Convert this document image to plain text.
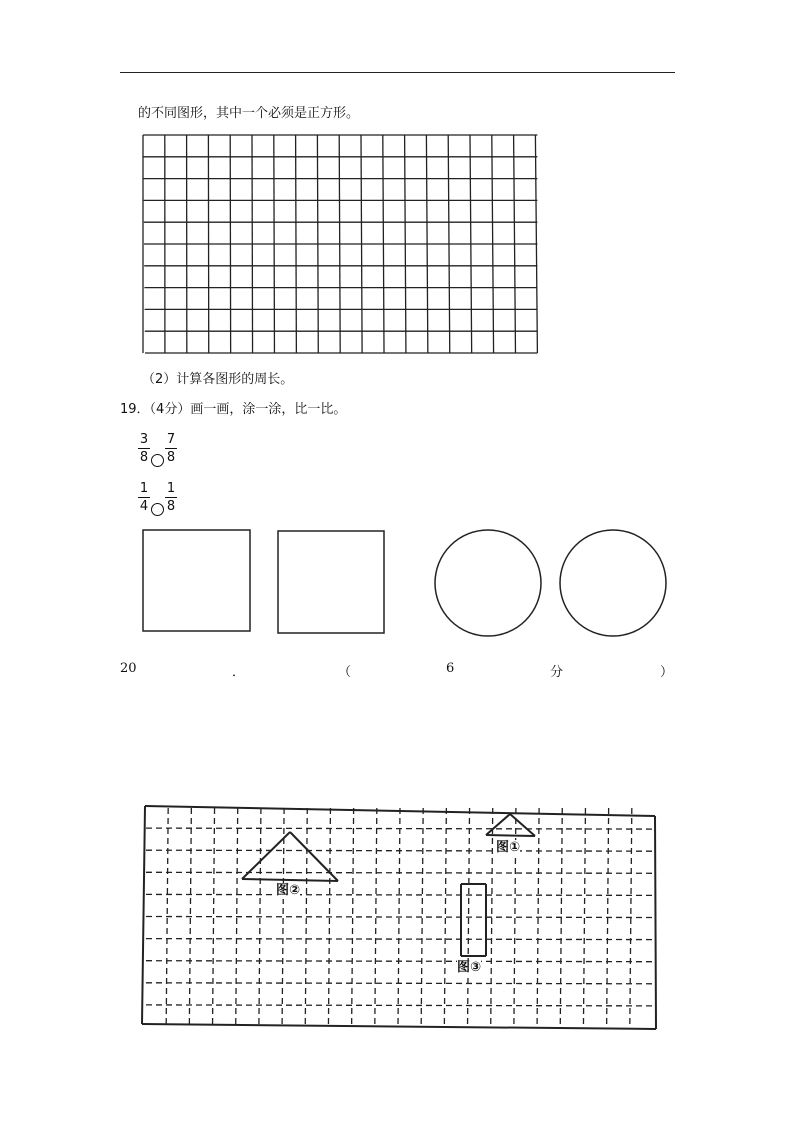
的不同图形，其中一个必须是正方形。
（2）计算各图形的周长。
19．（4分）画一画，涂一涂，比一比。
3
8
7
8
1
4
1
8
20	．	（	6	分	）
图①
图②
图③
